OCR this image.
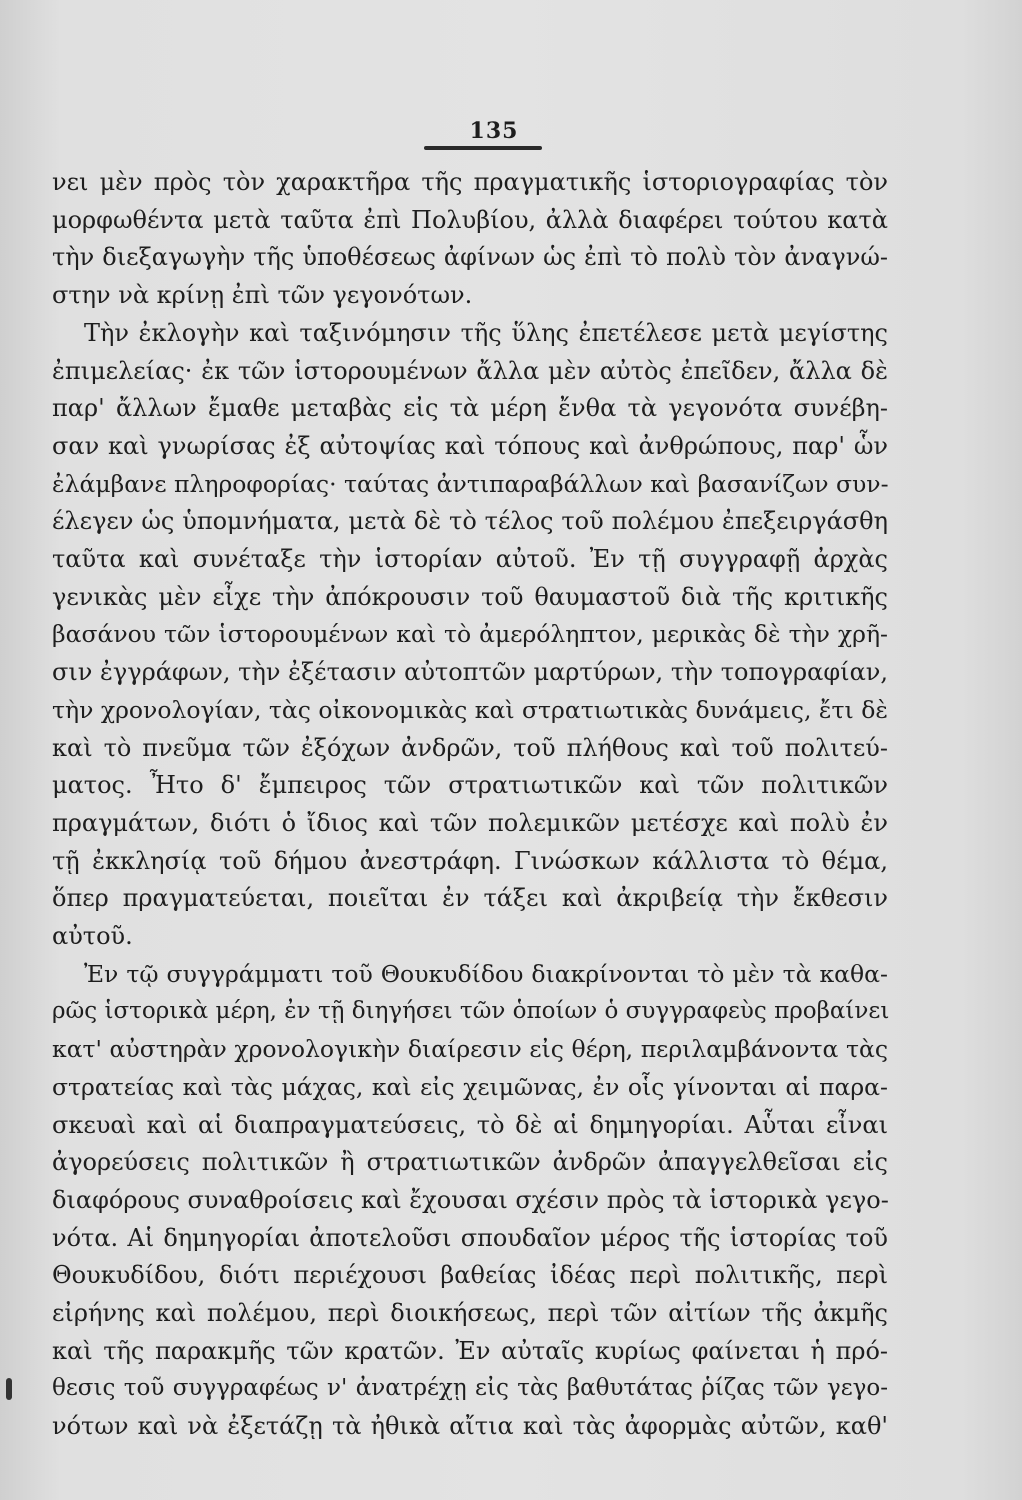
135
νει μὲν πρὸς τὸν χαρακτῆρα τῆς πραγματικῆς ἱστοριογραφίας τὸν
μορφωθέντα μετὰ ταῦτα ἐπὶ Πολυβίου, ἀλλὰ διαφέρει τούτου κατὰ
τὴν διεξαγωγὴν τῆς ὑποθέσεως ἀφίνων ὡς ἐπὶ τὸ πολὺ τὸν ἀναγνώ-
στην νὰ κρίνῃ ἐπὶ τῶν γεγονότων.
Τὴν ἐκλογὴν καὶ ταξινόμησιν τῆς ὕλης ἐπετέλεσε μετὰ μεγίστης
ἐπιμελείας· ἐκ τῶν ἱστορουμένων ἄλλα μὲν αὐτὸς ἐπεῖδεν, ἄλλα δὲ
παρ' ἄλλων ἔμαθε μεταβὰς εἰς τὰ μέρη ἔνθα τὰ γεγονότα συνέβη-
σαν καὶ γνωρίσας ἐξ αὐτοψίας καὶ τόπους καὶ ἀνθρώπους, παρ' ὧν
ἐλάμβανε πληροφορίας· ταύτας ἀντιπαραβάλλων καὶ βασανίζων συν-
έλεγεν ὡς ὑπομνήματα, μετὰ δὲ τὸ τέλος τοῦ πολέμου ἐπεξειργάσθη
ταῦτα καὶ συνέταξε τὴν ἱστορίαν αὐτοῦ. Ἐν τῇ συγγραφῇ ἀρχὰς
γενικὰς μὲν εἶχε τὴν ἀπόκρουσιν τοῦ θαυμαστοῦ διὰ τῆς κριτικῆς
βασάνου τῶν ἱστορουμένων καὶ τὸ ἀμερόληπτον, μερικὰς δὲ τὴν χρῆ-
σιν ἐγγράφων, τὴν ἐξέτασιν αὐτοπτῶν μαρτύρων, τὴν τοπογραφίαν,
τὴν χρονολογίαν, τὰς οἰκονομικὰς καὶ στρατιωτικὰς δυνάμεις, ἔτι δὲ
καὶ τὸ πνεῦμα τῶν ἐξόχων ἀνδρῶν, τοῦ πλήθους καὶ τοῦ πολιτεύ-
ματος. Ἦτο δ' ἔμπειρος τῶν στρατιωτικῶν καὶ τῶν πολιτικῶν
πραγμάτων, διότι ὁ ἴδιος καὶ τῶν πολεμικῶν μετέσχε καὶ πολὺ ἐν
τῇ ἐκκλησίᾳ τοῦ δήμου ἀνεστράφη. Γινώσκων κάλλιστα τὸ θέμα,
ὅπερ πραγματεύεται, ποιεῖται ἐν τάξει καὶ ἀκριβείᾳ τὴν ἔκθεσιν
αὐτοῦ.
Ἐν τῷ συγγράμματι τοῦ Θουκυδίδου διακρίνονται τὸ μὲν τὰ καθα-
ρῶς ἱστορικὰ μέρη, ἐν τῇ διηγήσει τῶν ὁποίων ὁ συγγραφεὺς προβαίνει
κατ' αὐστηρὰν χρονολογικὴν διαίρεσιν εἰς θέρη, περιλαμβάνοντα τὰς
στρατείας καὶ τὰς μάχας, καὶ εἰς χειμῶνας, ἐν οἷς γίνονται αἱ παρα-
σκευαὶ καὶ αἱ διαπραγματεύσεις, τὸ δὲ αἱ δημηγορίαι. Αὗται εἶναι
ἀγορεύσεις πολιτικῶν ἢ στρατιωτικῶν ἀνδρῶν ἀπαγγελθεῖσαι εἰς
διαφόρους συναθροίσεις καὶ ἔχουσαι σχέσιν πρὸς τὰ ἱστορικὰ γεγο-
νότα. Αἱ δημηγορίαι ἀποτελοῦσι σπουδαῖον μέρος τῆς ἱστορίας τοῦ
Θουκυδίδου, διότι περιέχουσι βαθείας ἰδέας περὶ πολιτικῆς, περὶ
εἰρήνης καὶ πολέμου, περὶ διοικήσεως, περὶ τῶν αἰτίων τῆς ἀκμῆς
καὶ τῆς παρακμῆς τῶν κρατῶν. Ἐν αὐταῖς κυρίως φαίνεται ἡ πρό-
θεσις τοῦ συγγραφέως ν' ἀνατρέχῃ εἰς τὰς βαθυτάτας ῥίζας τῶν γεγο-
νότων καὶ νὰ ἐξετάζῃ τὰ ἠθικὰ αἴτια καὶ τὰς ἀφορμὰς αὐτῶν, καθ'
